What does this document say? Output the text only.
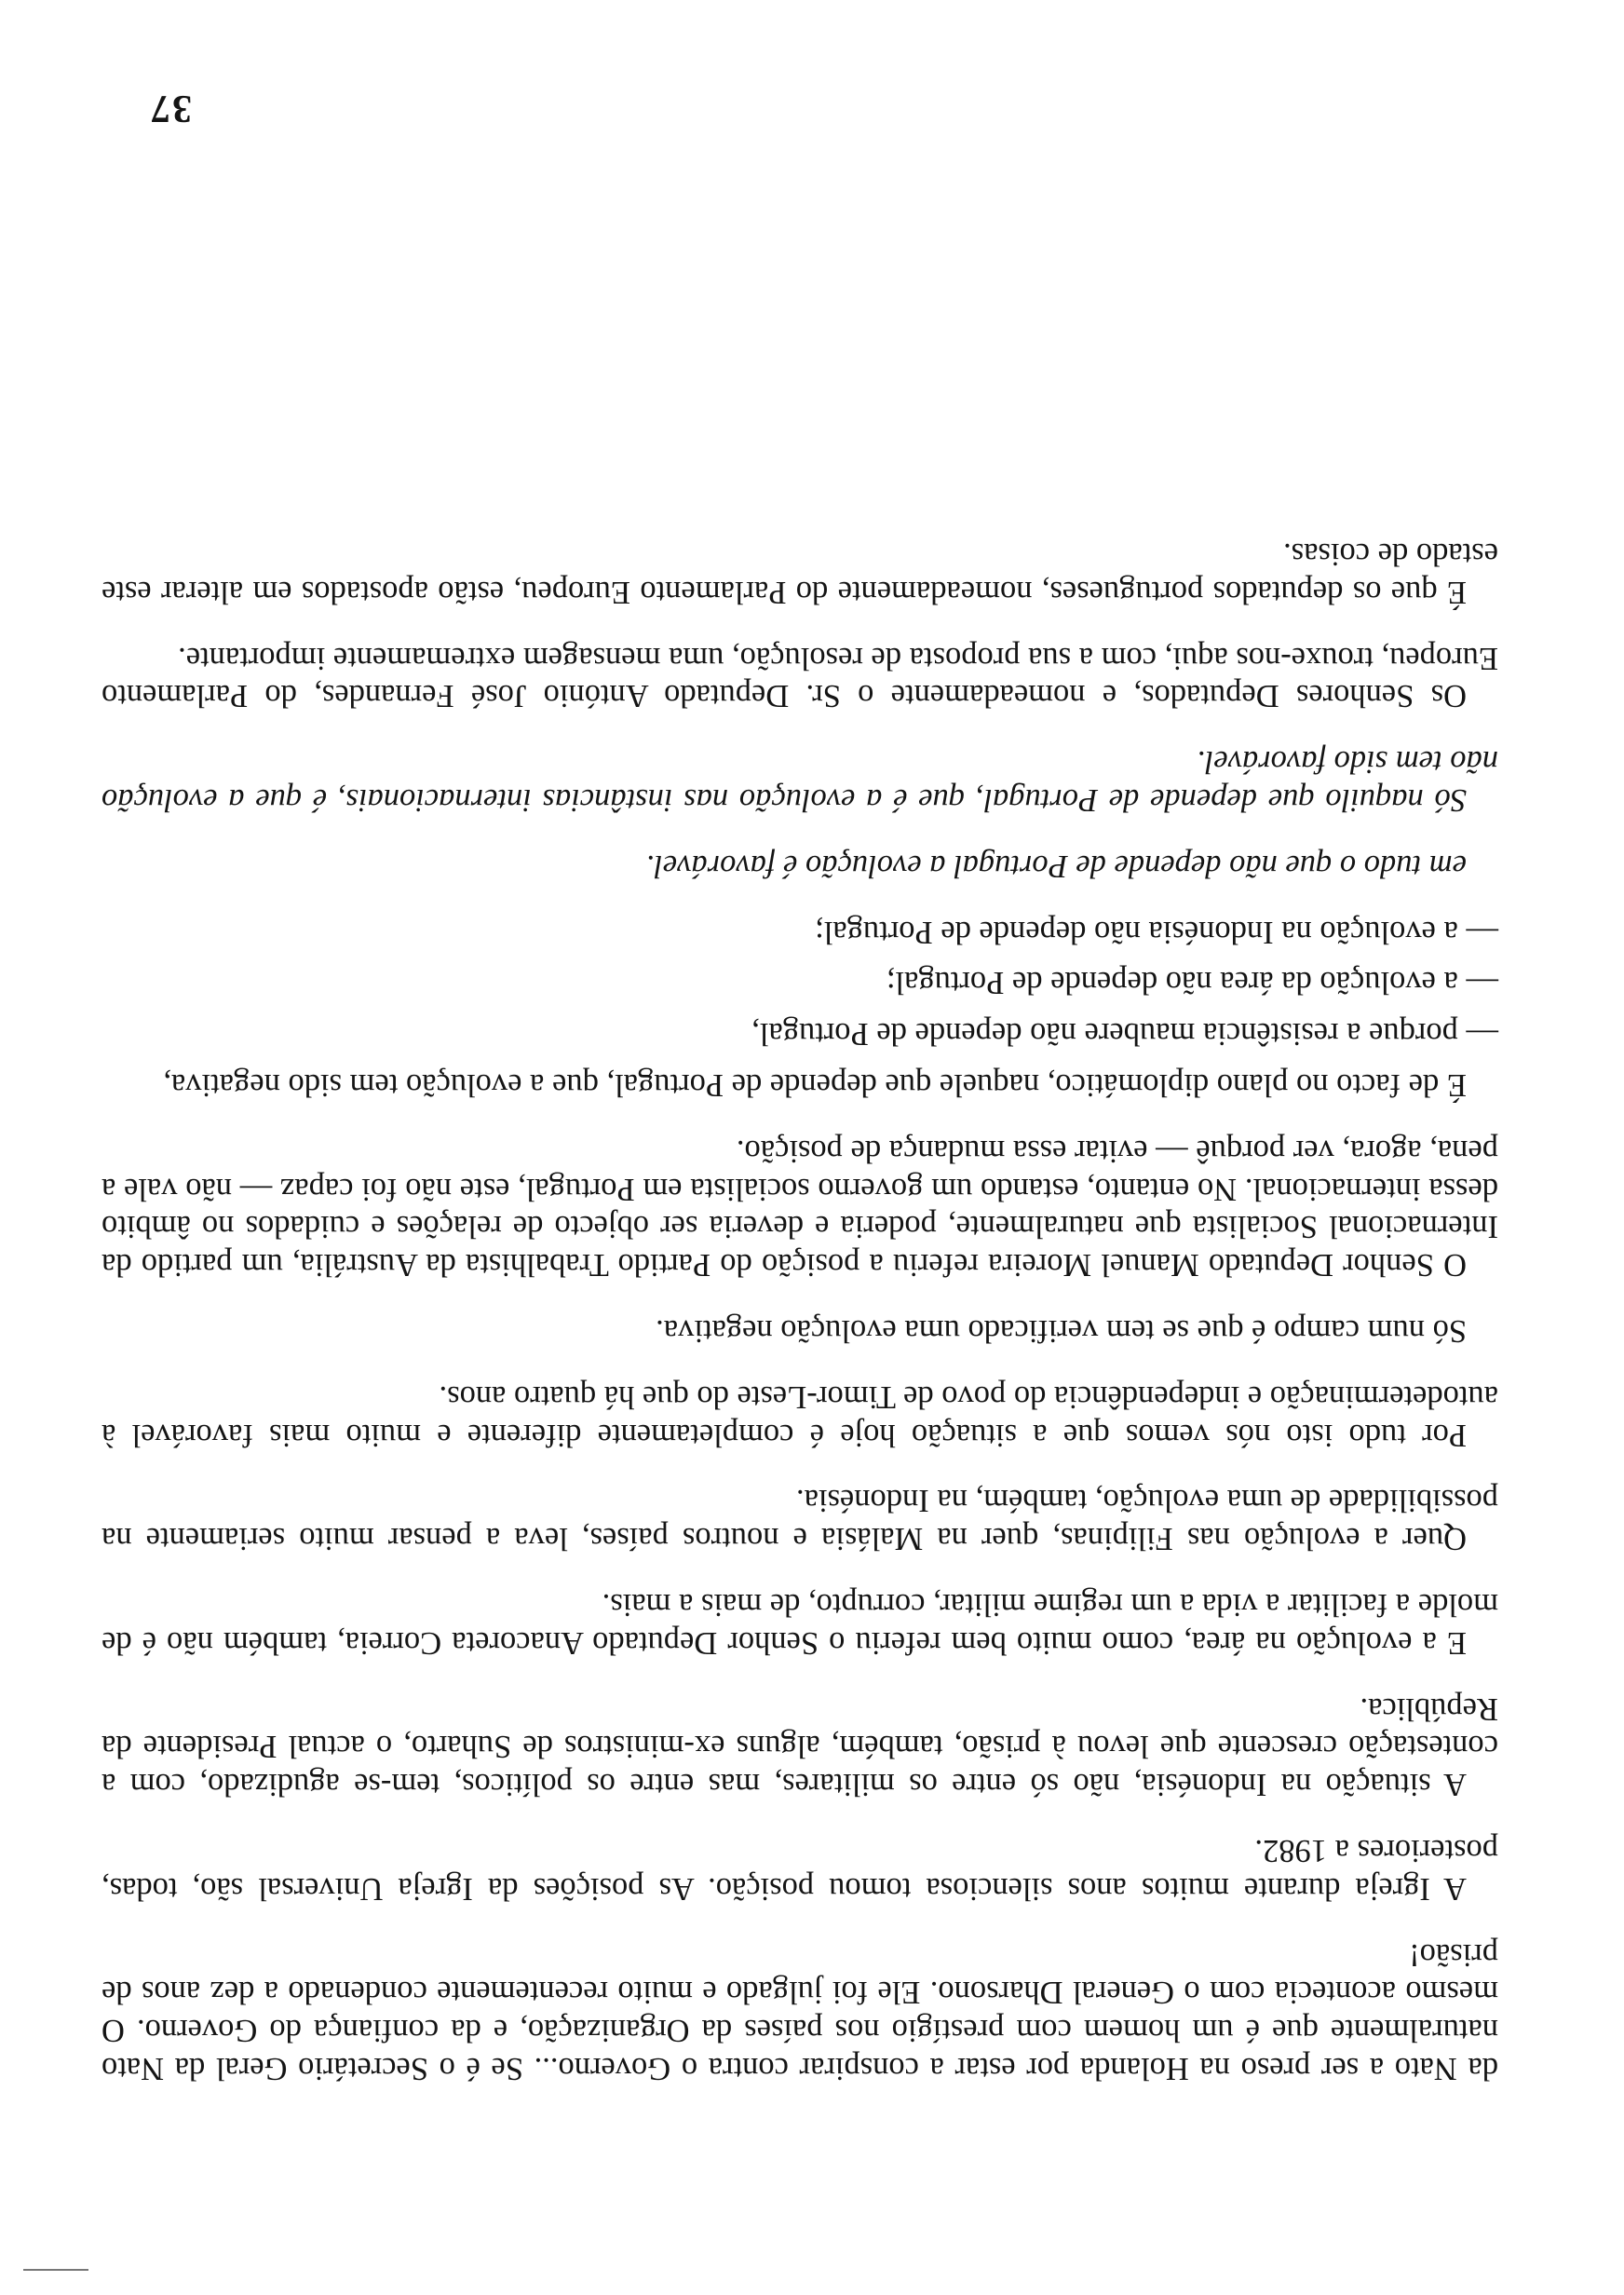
da Nato a ser preso na Holanda por estar a conspirar contra o Governo... Se é o Secretário Geral da Nato naturalmente que é um homem com prestígio nos países da Organização, e da confiança do Governo. O mesmo acontecia com o General Dharsono. Ele foi julgado e muito recentemente condenado a dez anos de prisão!

A Igreja durante muitos anos silenciosa tomou posição. As posições da Igreja Universal são, todas, posteriores a 1982.

A situação na Indonésia, não só entre os militares, mas entre os políticos, tem-se agudizado, com a contestação crescente que levou à prisão, também, alguns ex-ministros de Suharto, o actual Presidente da República.

E a evolução na área, como muito bem referiu o Senhor Deputado Anacoreta Correia, também não é de molde a facilitar a vida a um regime militar, corrupto, de mais a mais.

Quer a evolução nas Filipinas, quer na Malásia e noutros países, leva a pensar muito seriamente na possibilidade de uma evolução, também, na Indonésia.

Por tudo isto nós vemos que a situação hoje é completamente diferente e muito mais favorável à autodeterminação e independência do povo de Timor-Leste do que há quatro anos.

Só num campo é que se tem verificado uma evolução negativa.

O Senhor Deputado Manuel Moreira referiu a posição do Partido Trabalhista da Austrália, um partido da Internacional Socialista que naturalmente, poderia e deveria ser objecto de relações e cuidados no âmbito dessa internacional. No entanto, estando um governo socialista em Portugal, este não foi capaz — não vale a pena, agora, ver porquê — evitar essa mudança de posição.

É de facto no plano diplomático, naquele que depende de Portugal, que a evolução tem sido negativa,

— porque a resistência maubere não depende de Portugal,

— a evolução da área não depende de Portugal;

— a evolução na Indonésia não depende de Portugal;

em tudo o que não depende de Portugal a evolução é favorável.

Só naquilo que depende de Portugal, que é a evolução nas instâncias internacionais, é que a evolução não tem sido favorável.

Os Senhores Deputados, e nomeadamente o Sr. Deputado António José Fernandes, do Parlamento Europeu, trouxe-nos aqui, com a sua proposta de resolução, uma mensagem extremamente importante.

É que os deputados portugueses, nomeadamente do Parlamento Europeu, estão apostados em alterar este estado de coisas.

37
